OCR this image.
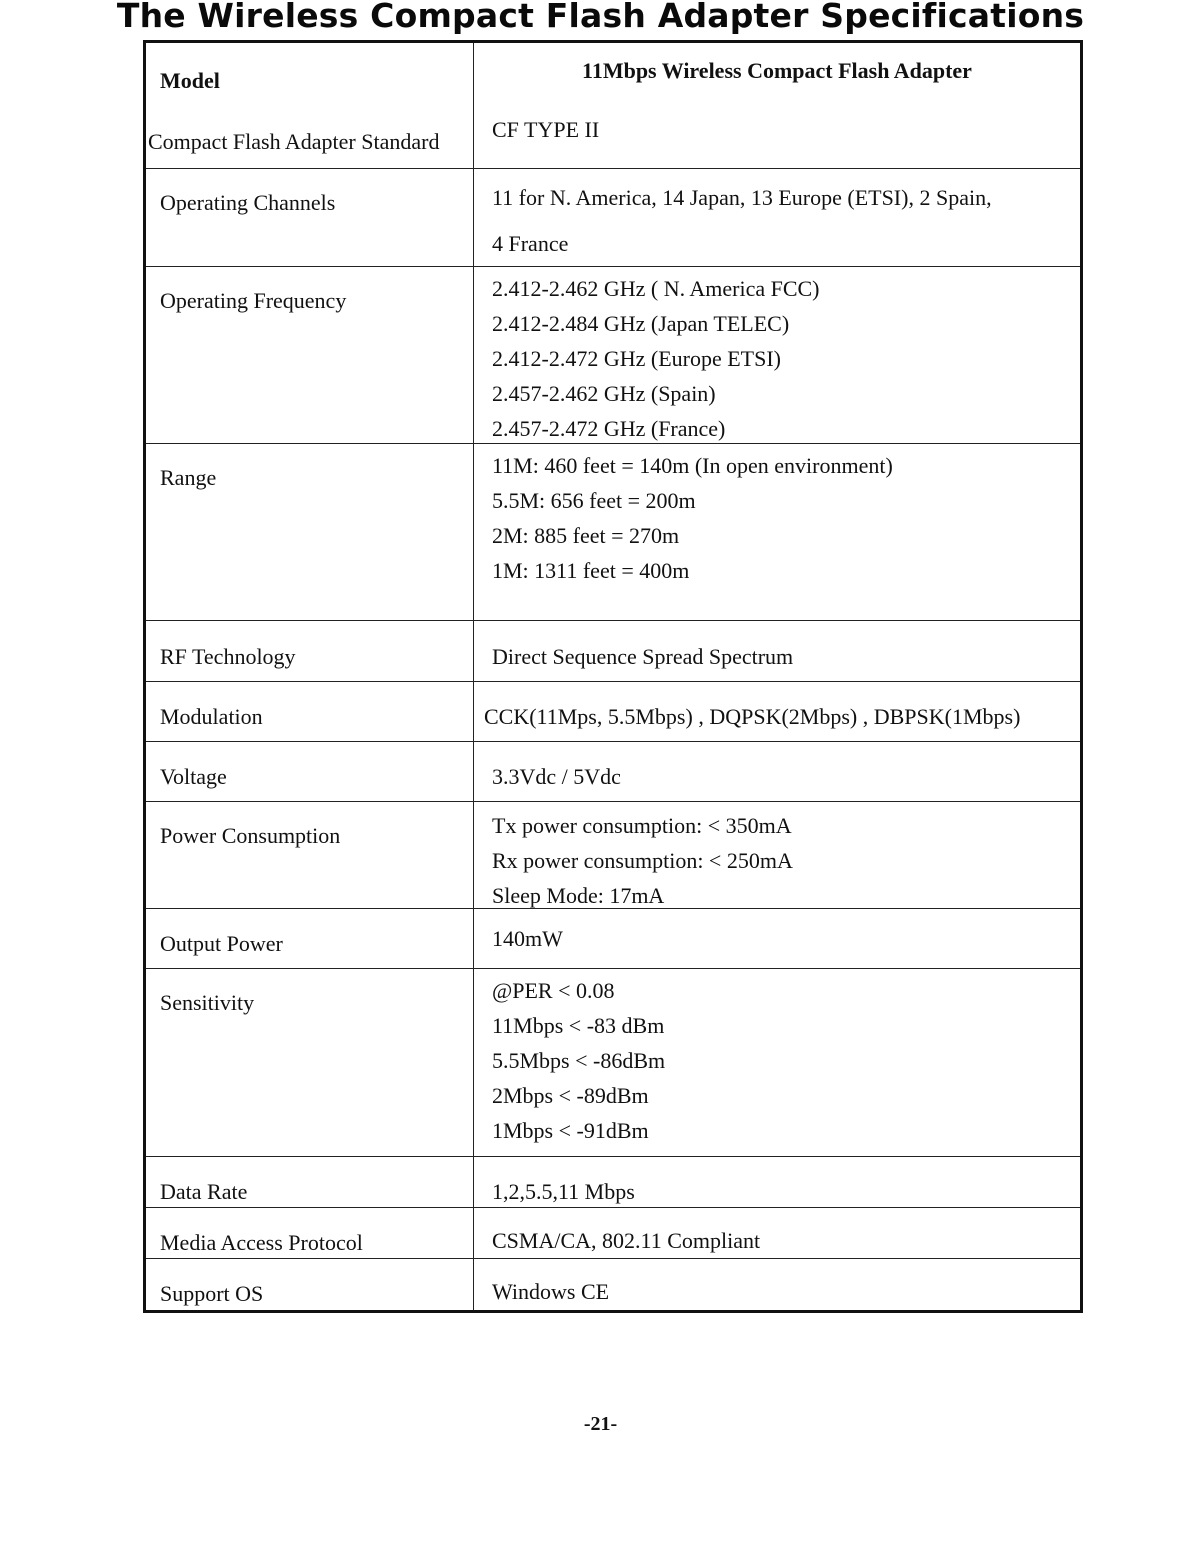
The Wireless Compact Flash Adapter Specifications
Model	11Mbps Wireless Compact Flash Adapter
Compact Flash Adapter Standard	CF TYPE II
Operating Channels	11 for N. America, 14 Japan, 13 Europe (ETSI), 2 Spain,
4 France
Operating Frequency	2.412-2.462 GHz ( N. America FCC)
2.412-2.484 GHz (Japan TELEC)
2.412-2.472 GHz (Europe ETSI)
2.457-2.462 GHz (Spain)
2.457-2.472 GHz (France)
Range	11M: 460 feet = 140m (In open environment)
5.5M: 656 feet = 200m
2M: 885 feet = 270m
1M: 1311 feet = 400m
RF Technology	Direct Sequence Spread Spectrum
Modulation	CCK(11Mps, 5.5Mbps) , DQPSK(2Mbps) , DBPSK(1Mbps)
Voltage	3.3Vdc / 5Vdc
Power Consumption	Tx power consumption: < 350mA
Rx power consumption: < 250mA
Sleep Mode: 17mA
Output Power	140mW
Sensitivity	@PER < 0.08
11Mbps < -83 dBm
5.5Mbps < -86dBm
2Mbps < -89dBm
1Mbps < -91dBm
Data Rate	1,2,5.5,11 Mbps
Media Access Protocol	CSMA/CA, 802.11 Compliant
Support OS	Windows CE
-21-
